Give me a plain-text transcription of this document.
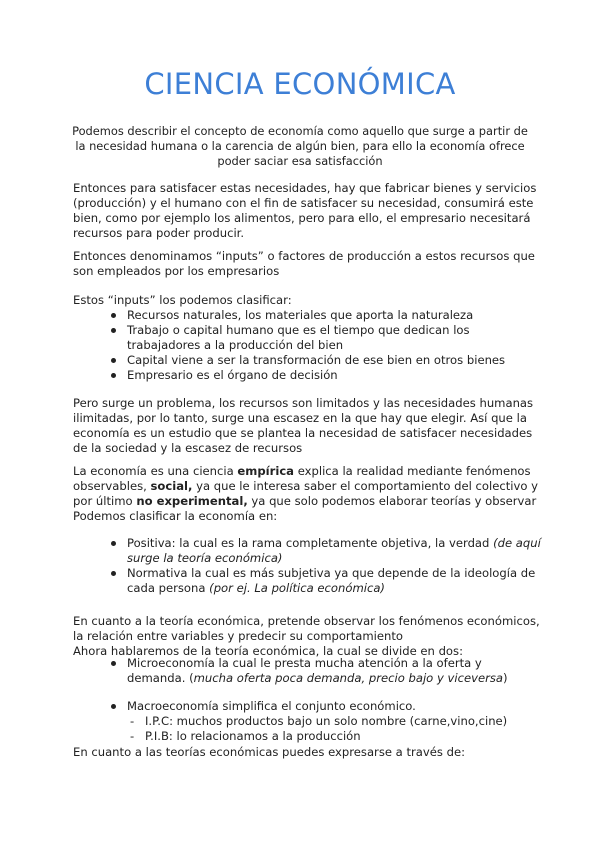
CIENCIA ECONÓMICA
Podemos describir el concepto de economía como aquello que surge a partir de la necesidad humana o la carencia de algún bien, para ello la economía ofrece poder saciar esa satisfacción

Entonces para satisfacer estas necesidades, hay que fabricar bienes y servicios (producción) y el humano con el fin de satisfacer su necesidad, consumirá este bien, como por ejemplo los alimentos, pero para ello, el empresario necesitará recursos para poder producir.

Entonces denominamos “inputs” o factores de producción a estos recursos que son empleados por los empresarios

Estos “inputs” los podemos clasificar:

Recursos naturales, los materiales que aporta la naturaleza
Trabajo o capital humano que es el tiempo que dedican los trabajadores a la producción del bien
Capital viene a ser la transformación de ese bien en otros bienes
Empresario es el órgano de decisión

Pero surge un problema, los recursos son limitados y las necesidades humanas ilimitadas, por lo tanto, surge una escasez en la que hay que elegir. Así que la economía es un estudio que se plantea la necesidad de satisfacer necesidades de la sociedad y la escasez de recursos

La economía es una ciencia empírica explica la realidad mediante fenómenos observables, social, ya que le interesa saber el comportamiento del colectivo y por último no experimental, ya que solo podemos elaborar teorías y observar
Podemos clasificar la economía en:

Positiva: la cual es la rama completamente objetiva, la verdad (de aquí surge la teoría económica)
Normativa la cual es más subjetiva ya que depende de la ideología de cada persona (por ej. La política económica)

En cuanto a la teoría económica, pretende observar los fenómenos económicos, la relación entre variables y predecir su comportamiento
Ahora hablaremos de la teoría económica, la cual se divide en dos:

Microeconomía la cual le presta mucha atención a la oferta y demanda. (mucha oferta poca demanda, precio bajo y viceversa)
Macroeconomía simplifica el conjunto económico.
- I.P.C: muchos productos bajo un solo nombre (carne,vino,cine)
- P.I.B: lo relacionamos a la producción

En cuanto a las teorías económicas puedes expresarse a través de:
